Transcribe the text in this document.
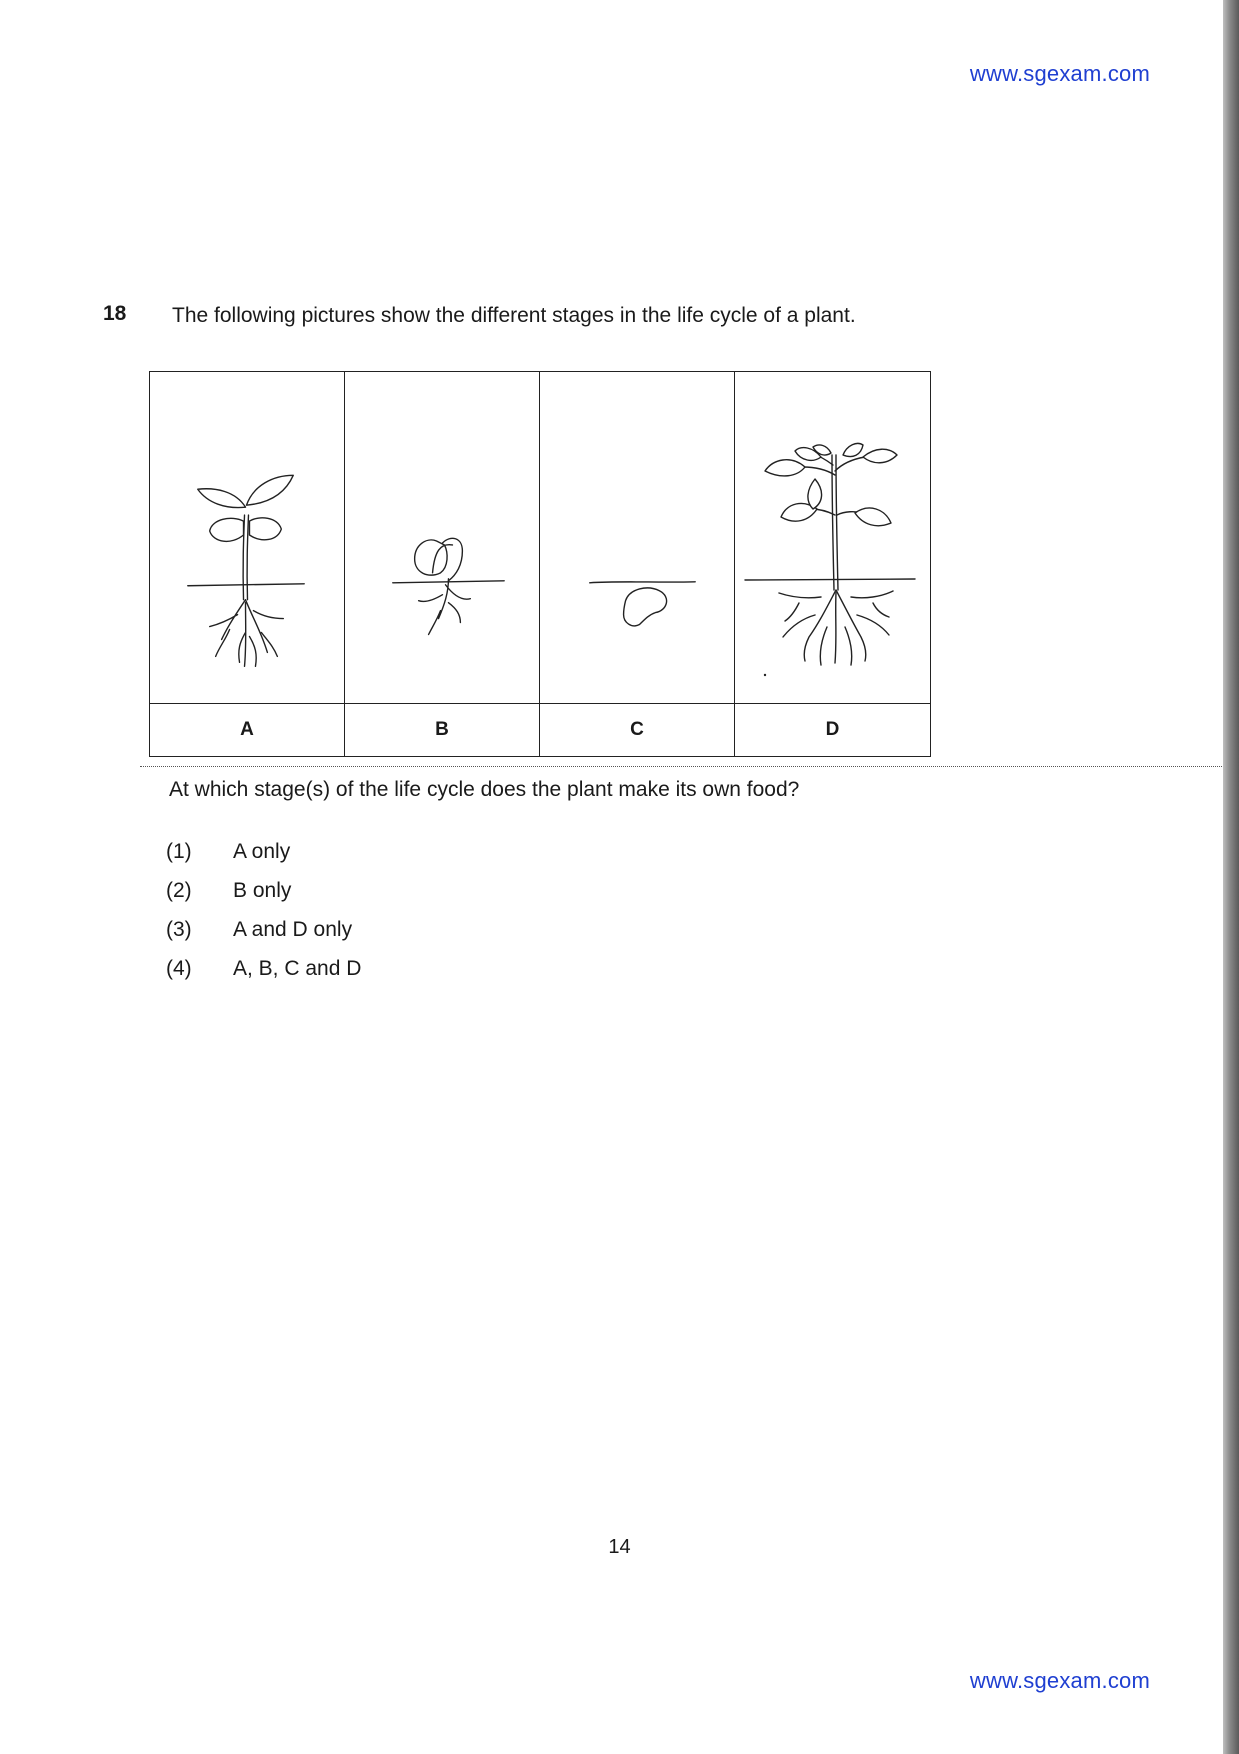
www.sgexam.com
18 The following pictures show the different stages in the life cycle of a plant.
A	B	C	D
At which stage(s) of the life cycle does the plant make its own food?
(1)	A only
(2)	B only
(3)	A and D only
(4)	A, B, C and D
14
www.sgexam.com
